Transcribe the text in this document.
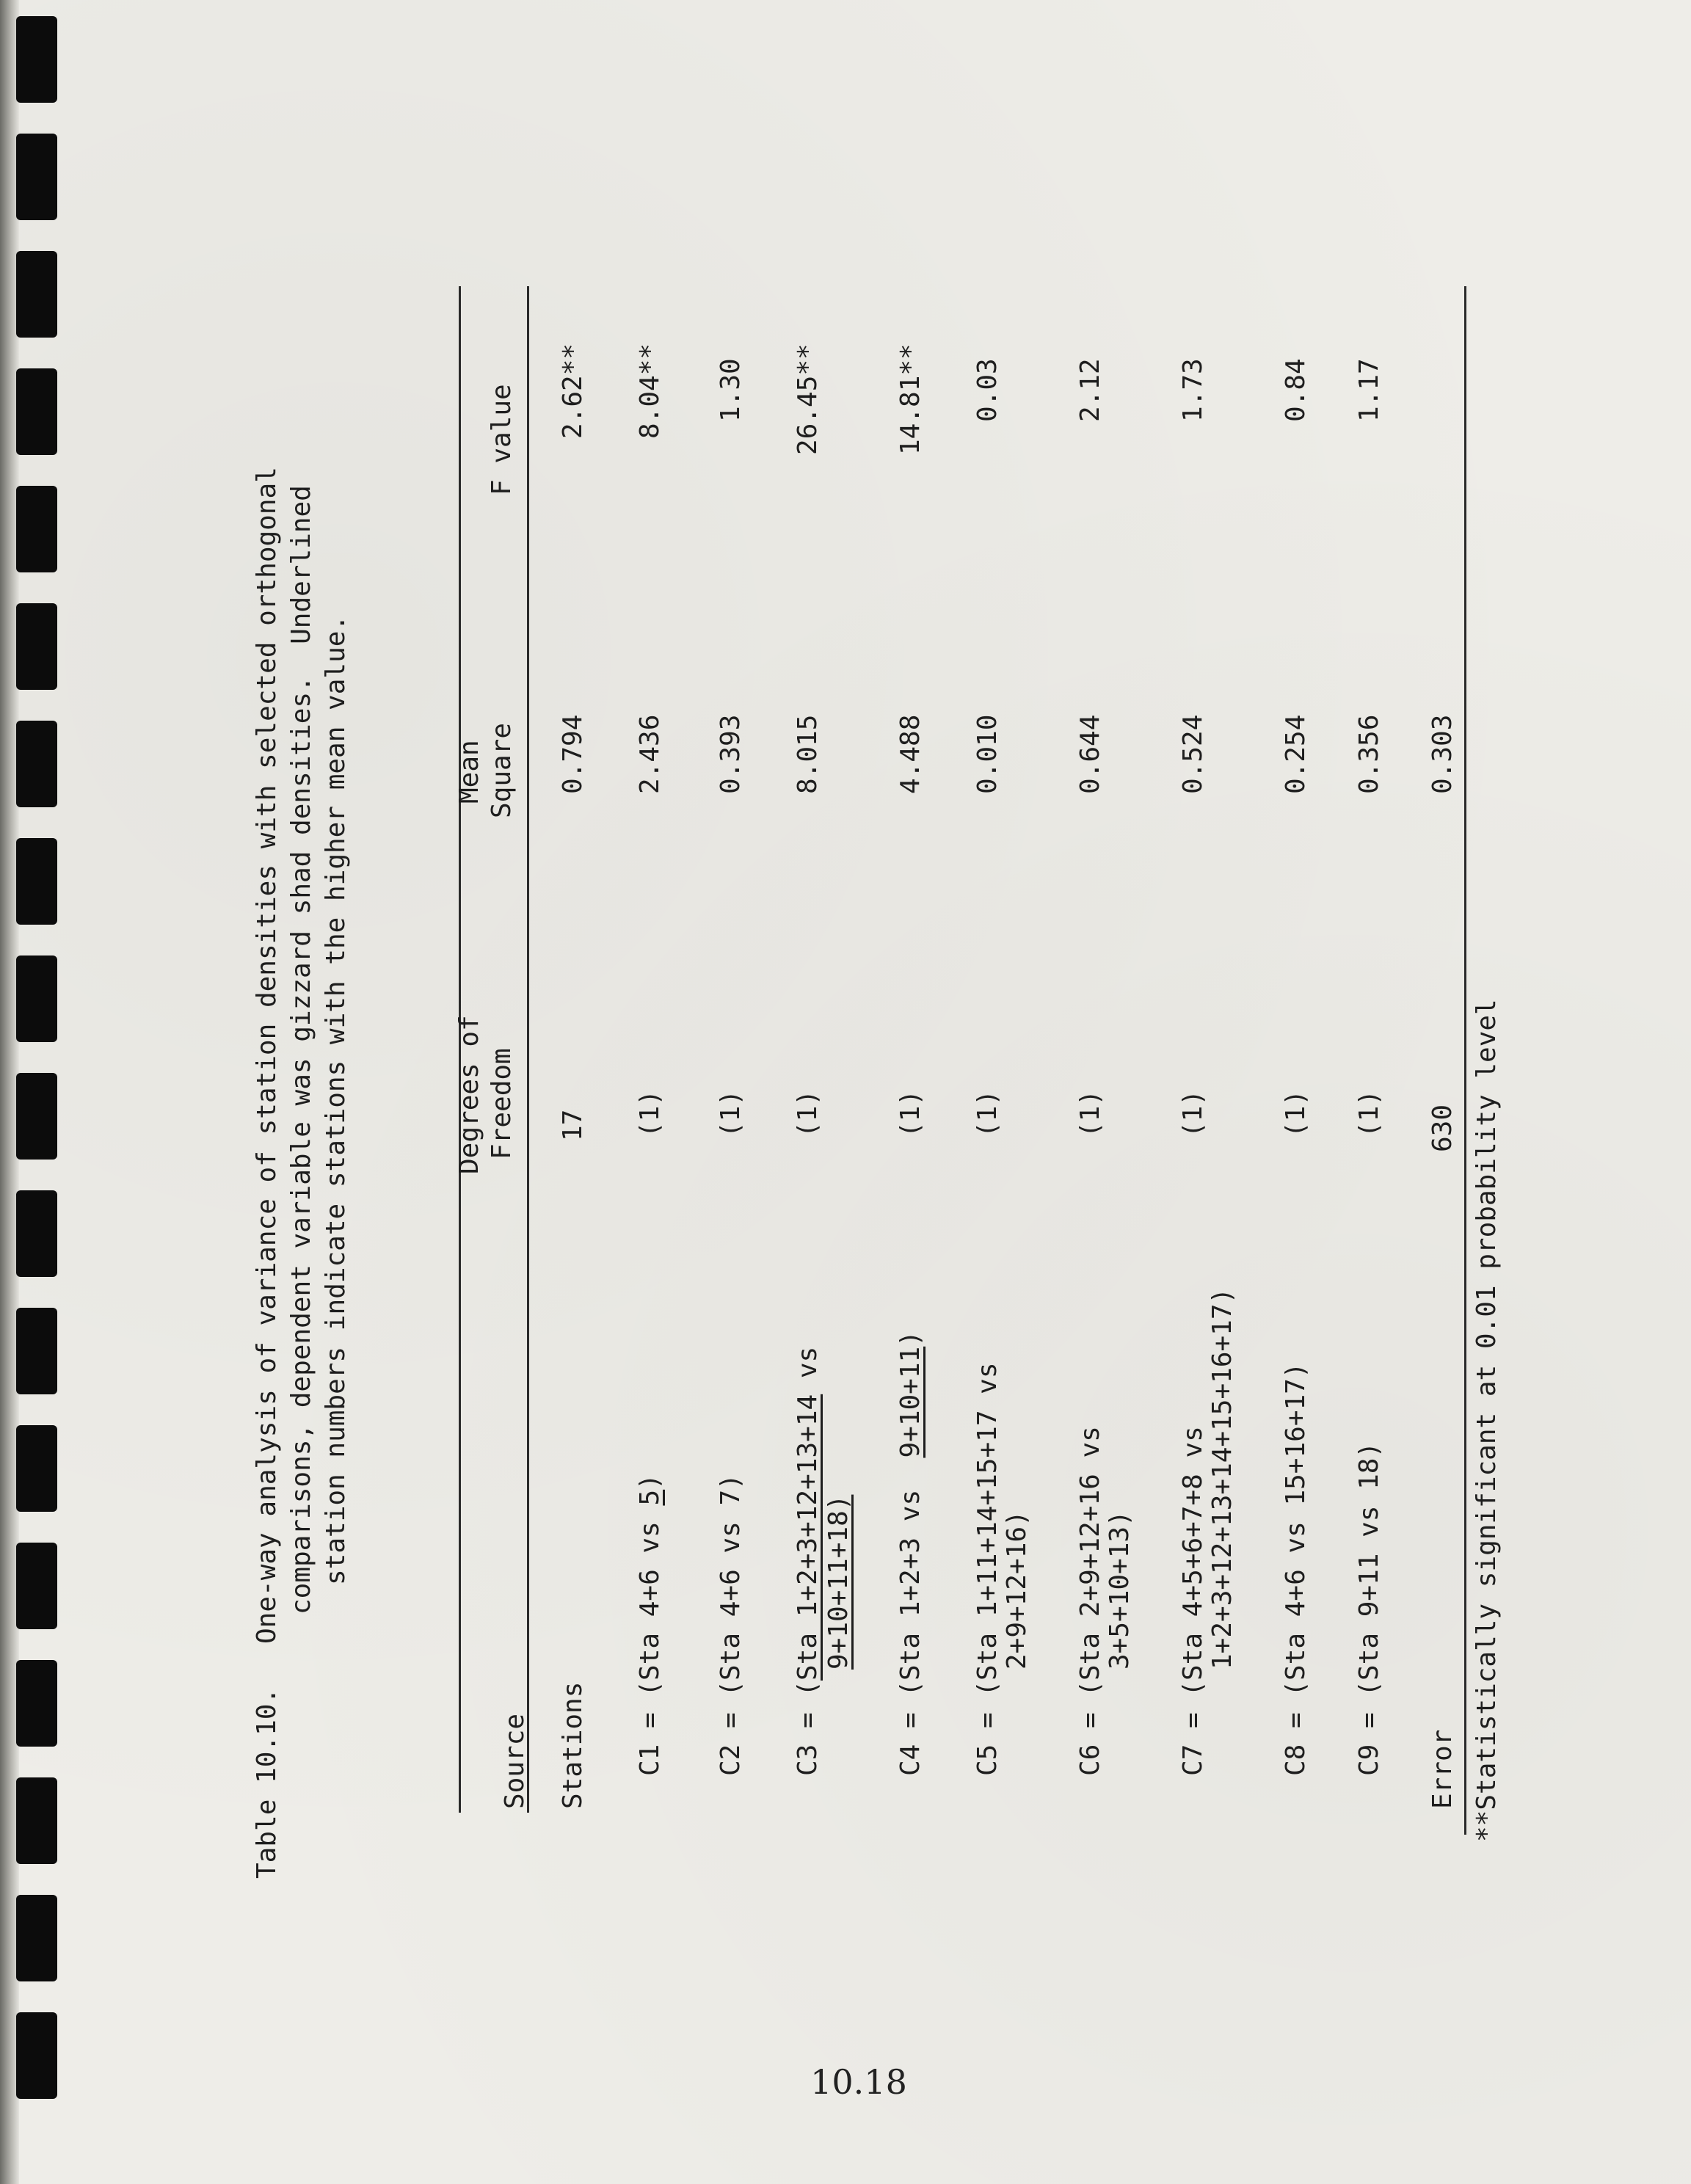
Table 10.10.

One-way analysis of variance of station densities with selected orthogonal

comparisons, dependent variable was gizzard shad densities.  Underlined

station numbers indicate stations with the higher mean value.

Source
Degrees of Freedom
Mean Square
F value
Stations
17
0.794
2.62**
C1 = (Sta 4+6 vs 5)
(1)
2.436
8.04**
C2 = (Sta 4+6 vs 7)
(1)
0.393
1.30
C3 = (Sta 1+2+3+12+13+14 vs
9+10+11+18)
(1)
8.015
26.45**
C4 = (Sta 1+2+3 vs  9+10+11)
(1)
4.488
14.81**
C5 = (Sta 1+11+14+15+17 vs 2+9+12+16)
(1)
0.010
0.03
C6 = (Sta 2+9+12+16 vs 3+5+10+13)
(1)
0.644
2.12
C7 = (Sta 4+5+6+7+8 vs 1+2+3+12+13+14+15+16+17)
(1)
0.524
1.73
C8 = (Sta 4+6 vs 15+16+17)
(1)
0.254
0.84
C9 = (Sta 9+11 vs 18)
(1)
0.356
1.17
Error
630
0.303
**Statistically significant at 0.01 probability level
10.18
